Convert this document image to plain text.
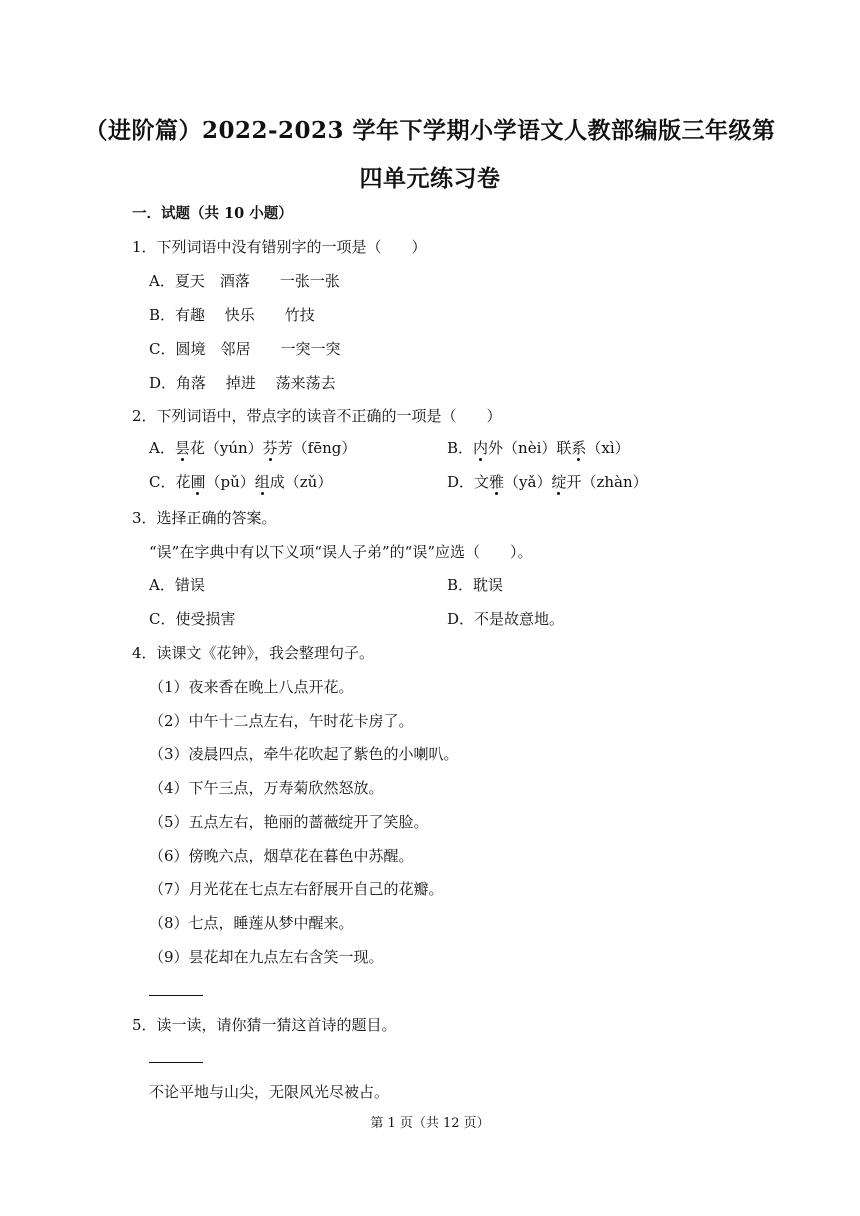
（进阶篇）2022-2023 学年下学期小学语文人教部编版三年级第
四单元练习卷
一．试题（共 10 小题）
1．下列词语中没有错别字的一项是（　　）
A．夏天　酒落　　一张一张
B．有趣　 快乐　　竹技
C．圆境　邻居　　一突一突
D．角落　 掉进　 荡来荡去
2．下列词语中，带点字的读音不正确的一项是（　　）
A．昙花（yún）芬芳（fēng）	B．内外（nèi）联系（xì）
C．花圃（pǔ）组成（zǔ）	D．文雅（yǎ）绽开（zhàn）
3．选择正确的答案。
“误”在字典中有以下义项“误人子弟”的“误”应选（　　）。
A．错误	B．耽误
C．使受损害	D．不是故意地。
4．读课文《花钟》，我会整理句子。
（1）夜来香在晚上八点开花。
（2）中午十二点左右，午时花卡房了。
（3）凌晨四点，牵牛花吹起了紫色的小喇叭。
（4）下午三点，万寿菊欣然怒放。
（5）五点左右，艳丽的蔷薇绽开了笑脸。
（6）傍晚六点，烟草花在暮色中苏醒。
（7）月光花在七点左右舒展开自己的花瓣。
（8）七点，睡莲从梦中醒来。
（9）昙花却在九点左右含笑一现。
5．读一读，请你猜一猜这首诗的题目。
不论平地与山尖，无限风光尽被占。
第 1 页（共 12 页）
